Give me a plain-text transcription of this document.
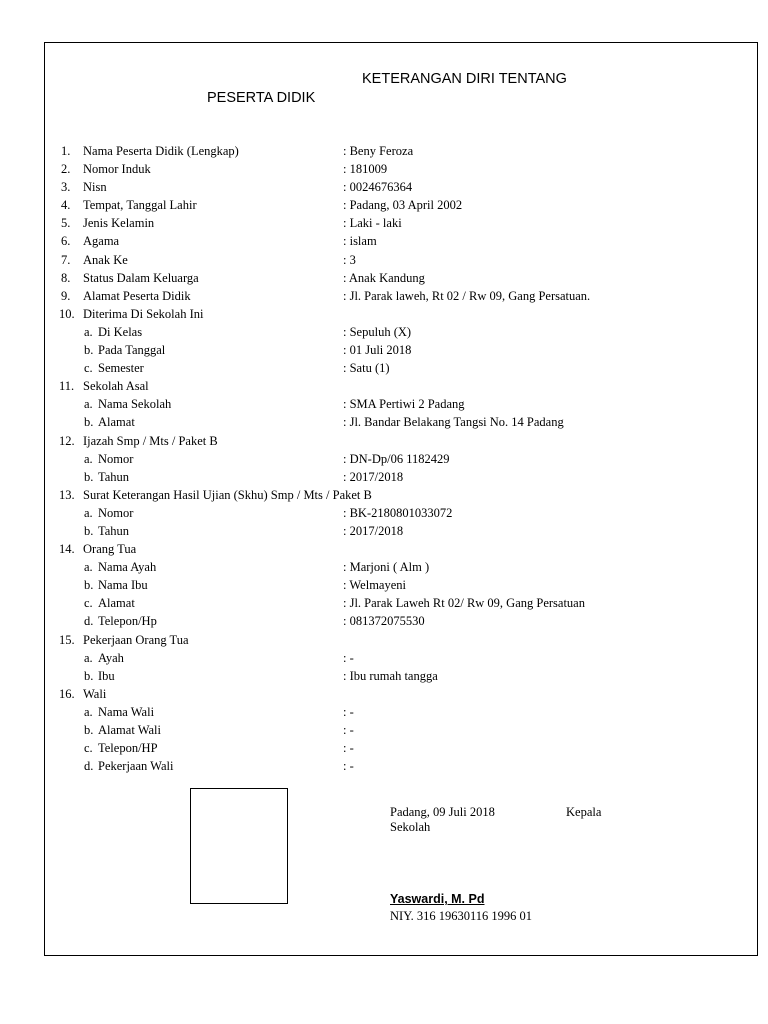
KETERANGAN DIRI TENTANG
PESERTA DIDIK
1. Nama Peserta Didik (Lengkap)	: Beny Feroza
2. Nomor Induk	: 181009
3. Nisn	: 0024676364
4. Tempat, Tanggal Lahir	: Padang, 03 April 2002
5. Jenis Kelamin	: Laki - laki
6. Agama	: islam
7. Anak Ke	: 3
8. Status Dalam Keluarga	: Anak Kandung
9. Alamat Peserta Didik	: Jl. Parak laweh, Rt 02 / Rw 09, Gang Persatuan.
10. Diterima Di Sekolah Ini
a. Di Kelas	: Sepuluh (X)
b. Pada Tanggal	: 01 Juli 2018
c. Semester	: Satu (1)
11. Sekolah Asal
a. Nama Sekolah	: SMA Pertiwi 2 Padang
b. Alamat	: Jl. Bandar Belakang Tangsi No. 14 Padang
12. Ijazah Smp / Mts / Paket B
a. Nomor	: DN-Dp/06 1182429
b. Tahun	: 2017/2018
13. Surat Keterangan Hasil Ujian (Skhu) Smp / Mts / Paket B
a. Nomor	: BK-2180801033072
b. Tahun	: 2017/2018
14. Orang Tua
a. Nama Ayah	: Marjoni ( Alm )
b. Nama Ibu	: Welmayeni
c. Alamat	: Jl. Parak Laweh Rt 02/ Rw 09, Gang Persatuan
d. Telepon/Hp	: 081372075530
15. Pekerjaan Orang Tua
a. Ayah	: -
b. Ibu	: Ibu rumah tangga
16. Wali
a. Nama Wali	: -
b. Alamat Wali	: -
c. Telepon/HP	: -
d. Pekerjaan Wali	: -
Padang, 09 Juli 2018	Kepala
Sekolah
Yaswardi, M. Pd
NIY. 316 19630116 1996 01
